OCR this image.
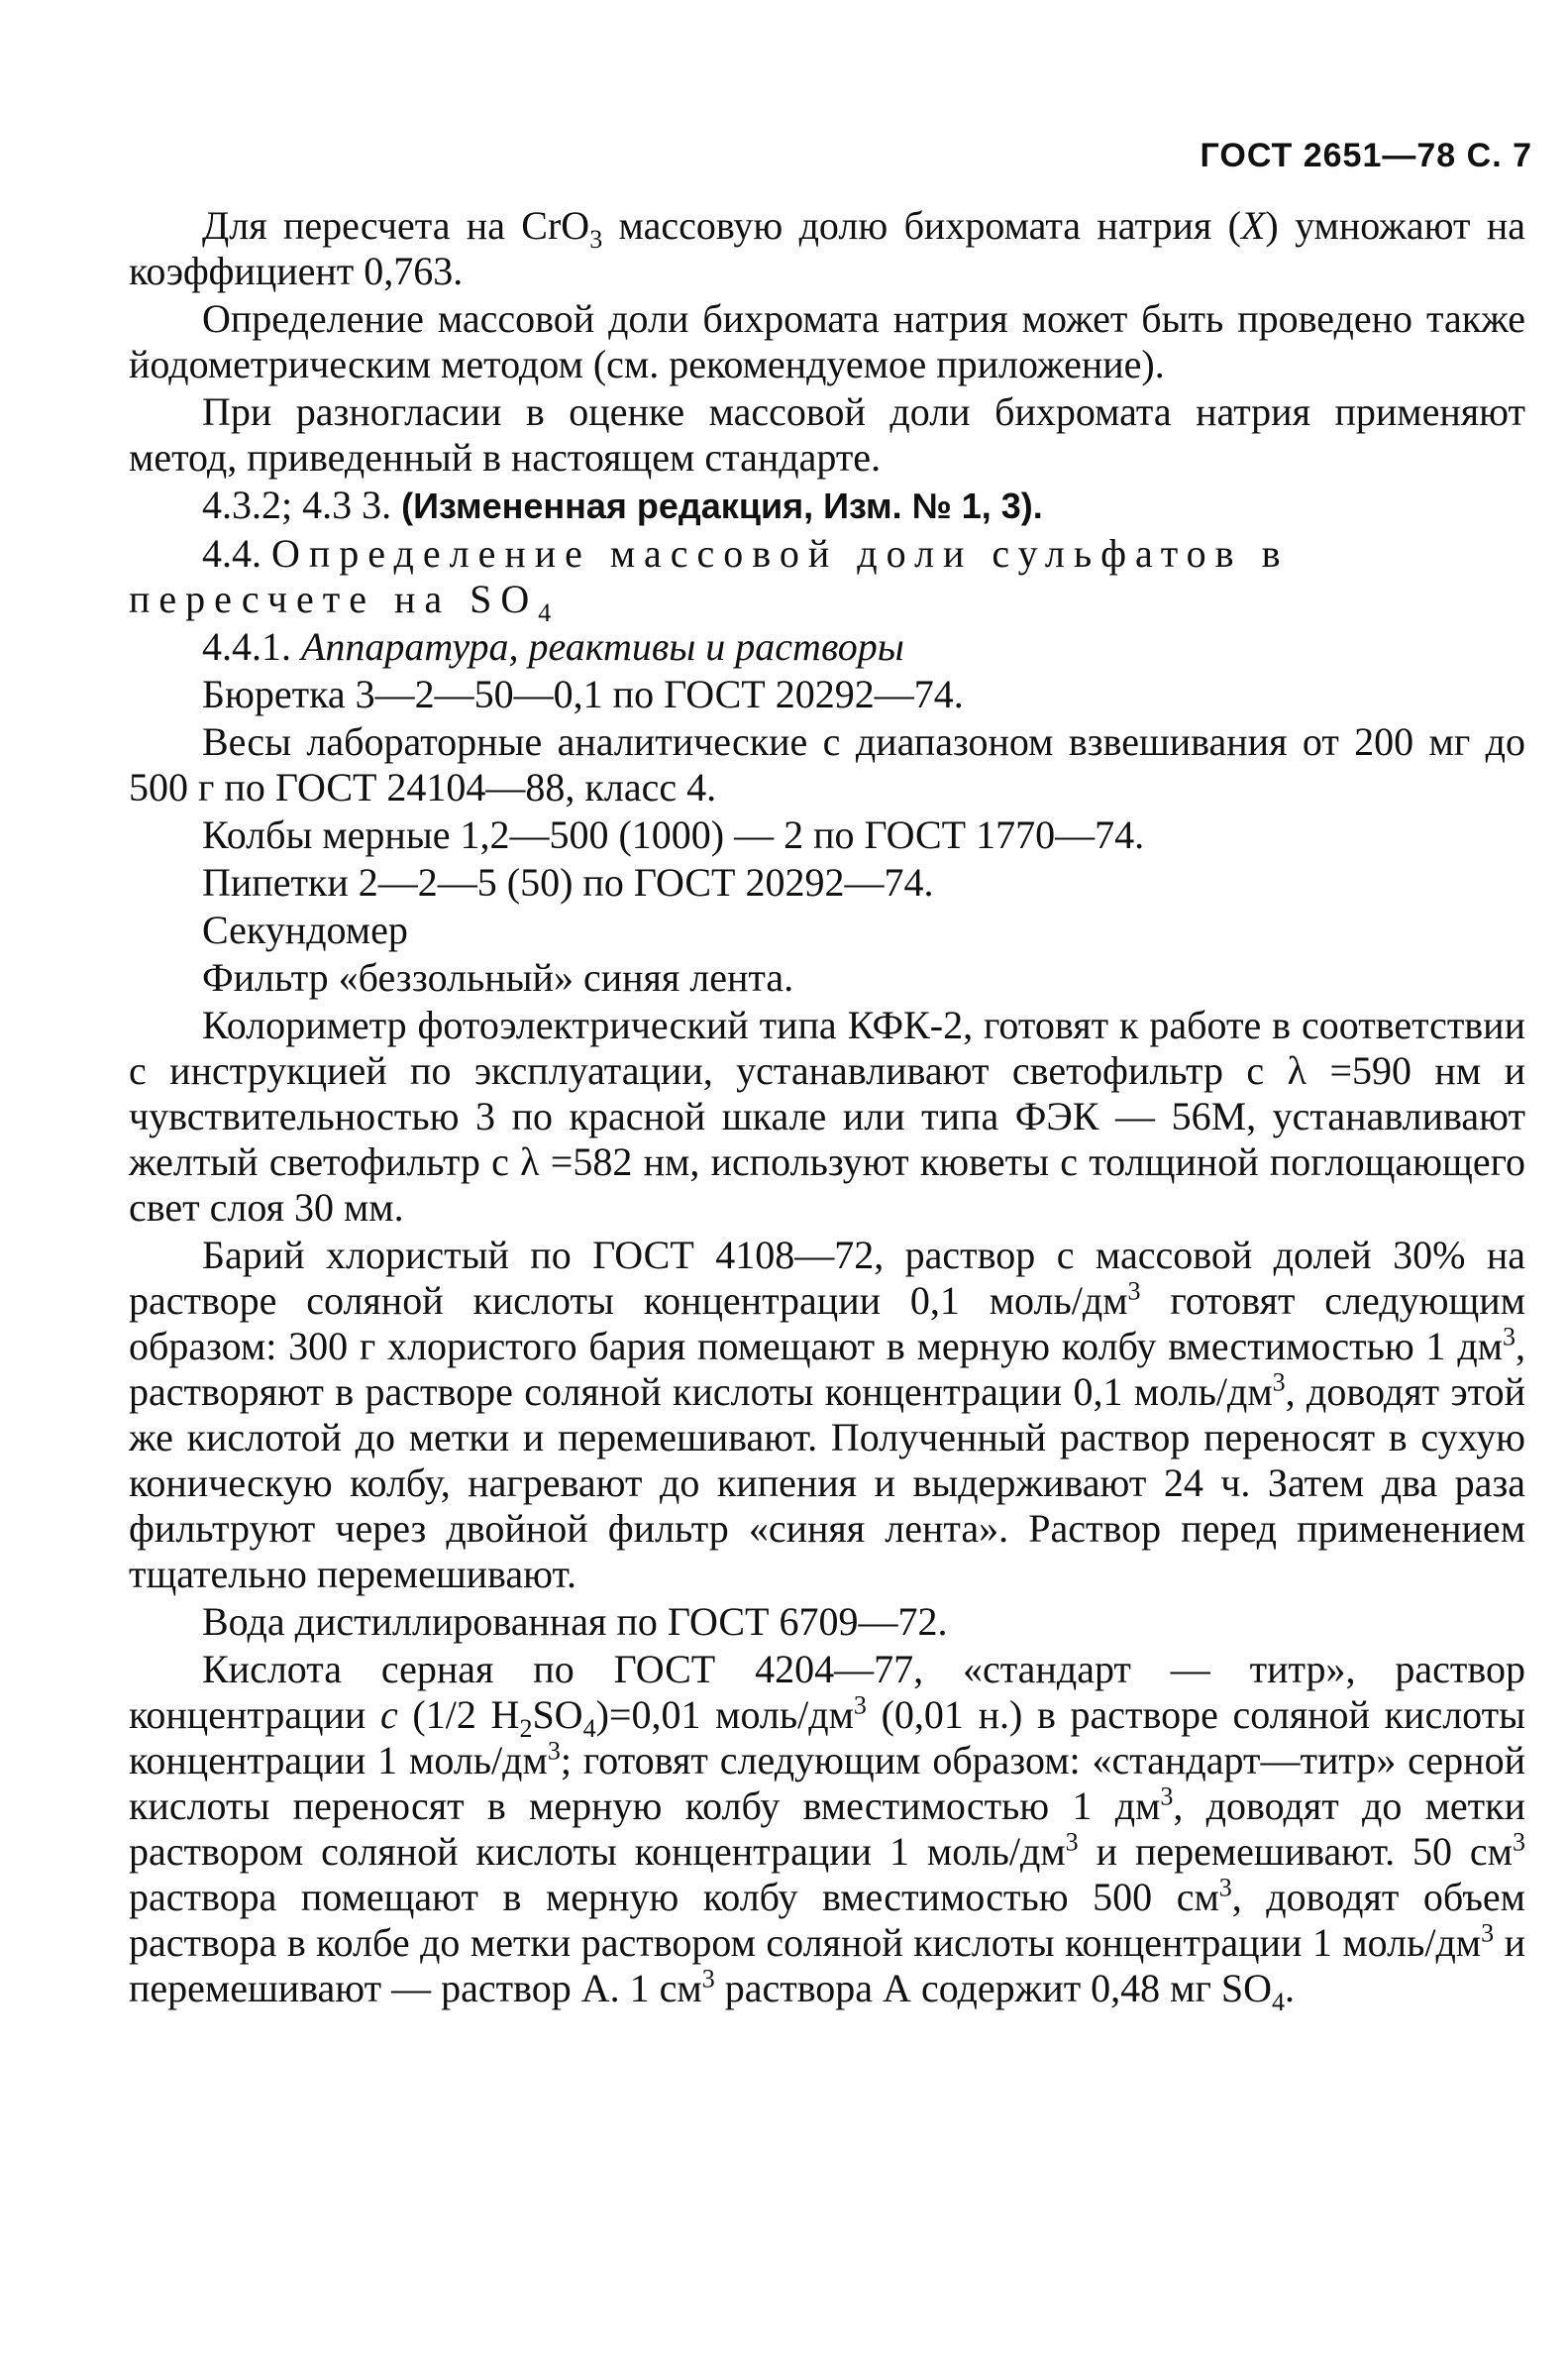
ГОСТ 2651—78 С. 7

Для пересчета на CrO$_3$ массовую долю бихромата натрия (X) умножают на коэффициент 0,763.

Определение массовой доли бихромата натрия может быть проведено также йодометрическим методом (см. рекомендуемое приложение).

При разногласии в оценке массовой доли бихромата натрия применяют метод, приведенный в настоящем стандарте.

4.3.2; 4.3 3. (Измененная редакция, Изм. № 1, 3).

4.4. Определение массовой доли сульфатов в пересчете на $SO_4$

4.4.1. Аппаратура, реактивы и растворы

Бюретка 3—2—50—0,1 по ГОСТ 20292—74.

Весы лабораторные аналитические с диапазоном взвешивания от 200 мг до 500 г по ГОСТ 24104—88, класс 4.

Колбы мерные 1,2—500 (1000) — 2 по ГОСТ 1770—74.

Пипетки 2—2—5 (50) по ГОСТ 20292—74.

Секундомер

Фильтр «беззольный» синяя лента.

Колориметр фотоэлектрический типа КФК-2, готовят к работе в соответствии с инструкцией по эксплуатации, устанавливают светофильтр с λ =590 нм и чувствительностью 3 по красной шкале или типа ФЭК — 56М, устанавливают желтый светофильтр с λ =582 нм, используют кюветы с толщиной поглощающего свет слоя 30 мм.

Барий хлористый по ГОСТ 4108—72, раствор с массовой долей 30% на растворе соляной кислоты концентрации 0,1 моль/$дм^3$ готовят следующим образом: 300 г хлористого бария помещают в мерную колбу вместимостью 1 $дм^3$, растворяют в растворе соляной кислоты концентрации 0,1 моль/$дм^3$, доводят этой же кислотой до метки и перемешивают. Полученный раствор переносят в сухую коническую колбу, нагревают до кипения и выдерживают 24 ч. Затем два раза фильтруют через двойной фильтр «синяя лента». Раствор перед применением тщательно перемешивают.

Вода дистиллированная по ГОСТ 6709—72.

Кислота серная по ГОСТ 4204—77, «стандарт — титр», раствор концентрации c (1/2 $H_2SO_4)=0,01$ моль/$дм^3$ (0,01 н.) в растворе соляной кислоты концентрации 1 моль/$дм^3$; готовят следующим образом: «стандарт—титр» серной кислоты переносят в мерную колбу вместимостью 1 $дм^3$, доводят до метки раствором соляной кислоты концентрации 1 моль/$дм^3$ и перемешивают. 50 $см^3$ раствора помещают в мерную колбу вместимостью 500 $см^3$, доводят объем раствора в колбе до метки раствором соляной кислоты концентрации 1 моль/$дм^3$ и перемешивают — раствор А. 1 $см^3$ раствора А содержит 0,48 мг $SO_4$.
